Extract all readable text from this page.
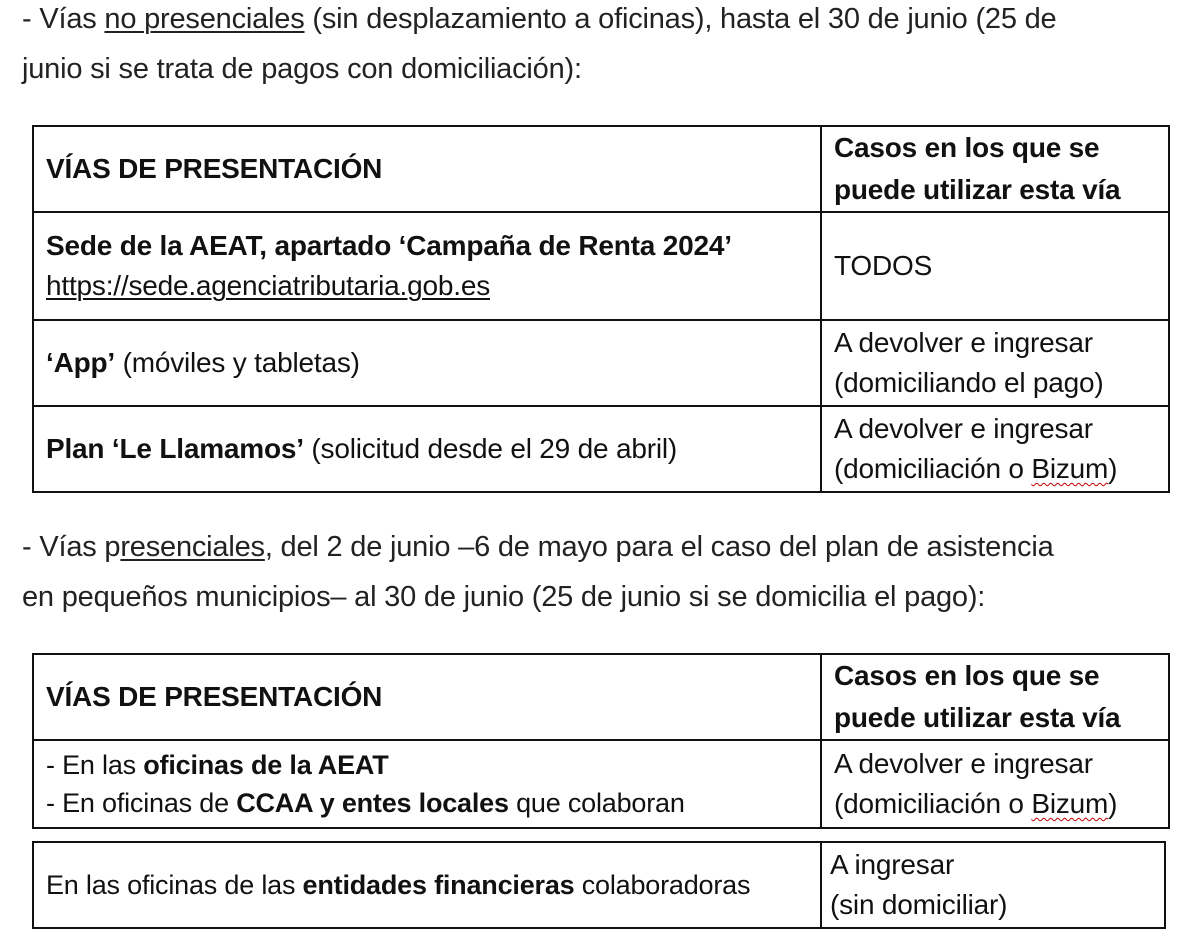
- Vías no presenciales (sin desplazamiento a oficinas), hasta el 30 de junio (25 de
junio si se trata de pagos con domiciliación):
VÍAS DE PRESENTACIÓN	Casos en los que se
puede utilizar esta vía
Sede de la AEAT, apartado ‘Campaña de Renta 2024’
https://sede.agenciatributaria.gob.es	TODOS
‘App’ (móviles y tabletas)	A devolver e ingresar
(domiciliando el pago)
Plan ‘Le Llamamos’ (solicitud desde el 29 de abril)	A devolver e ingresar
(domiciliación o Bizum)
- Vías presenciales, del 2 de junio –6 de mayo para el caso del plan de asistencia
en pequeños municipios– al 30 de junio (25 de junio si se domicilia el pago):
VÍAS DE PRESENTACIÓN	Casos en los que se
puede utilizar esta vía
- En las oficinas de la AEAT
- En oficinas de CCAA y entes locales que colaboran	A devolver e ingresar
(domiciliación o Bizum)
En las oficinas de las entidades financieras colaboradoras	A ingresar
(sin domiciliar)
